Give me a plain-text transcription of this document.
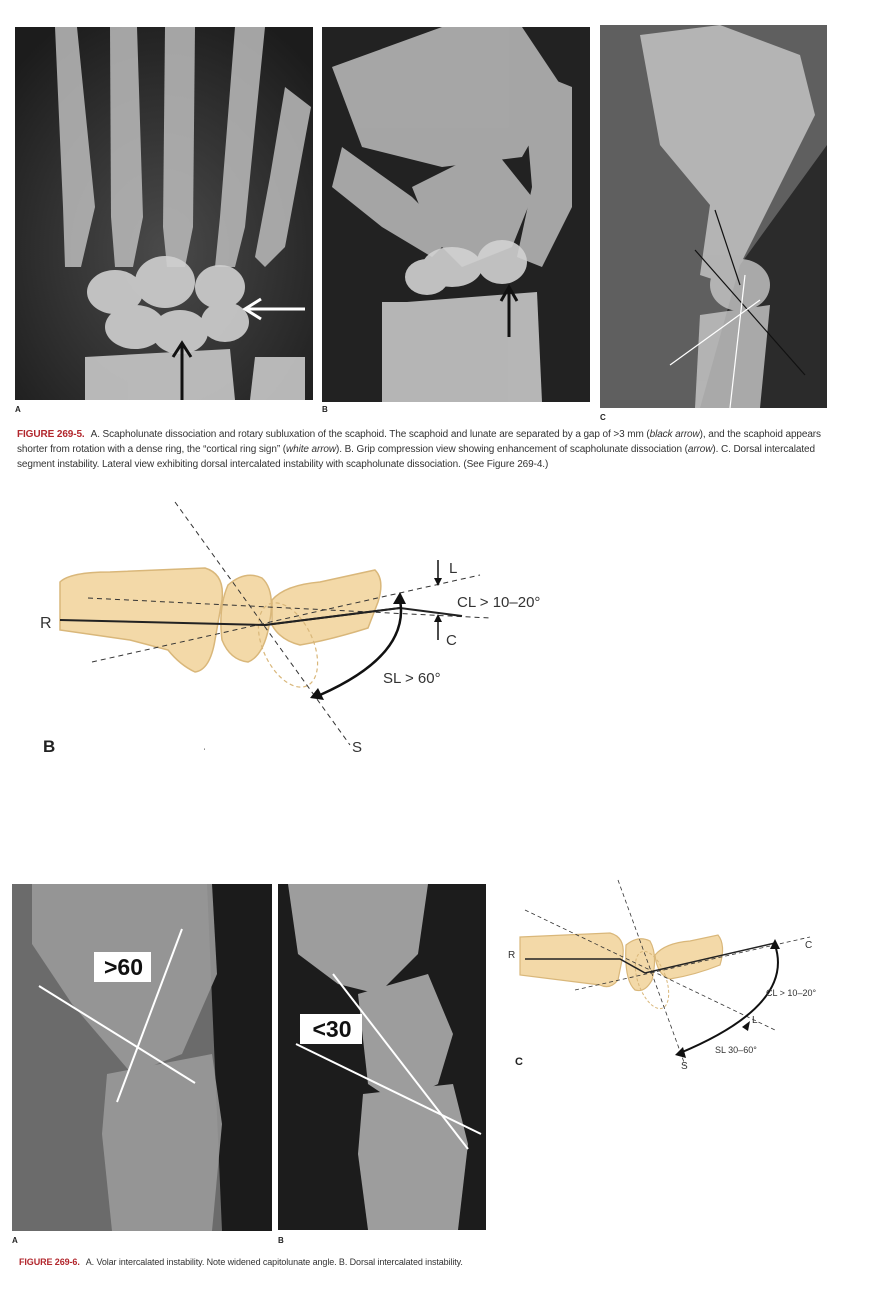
A	B
C
FIGURE 269-5. A. Scapholunate dissociation and rotary subluxation of the scaphoid. The scaphoid and lunate are separated by a gap of >3 mm (black arrow), and the scaphoid appears shorter from rotation with a dense ring, the “cortical ring sign” (white arrow). B. Grip compression view showing enhancement of scapholunate dissociation (arrow). C. Dorsal intercalated segment instability. Lateral view exhibiting dorsal intercalated instability with scapholunate dissociation. (See Figure 269-4.)
R
L
C
CL > 10–20°
SL > 60°
S
B	ˌ
>60
A
<30
B
R
C
CL > 10–20°
L
SL 30–60°
S
C
FIGURE 269-6. A. Volar intercalated instability. Note widened capitolunate angle. B. Dorsal intercalated instability.
